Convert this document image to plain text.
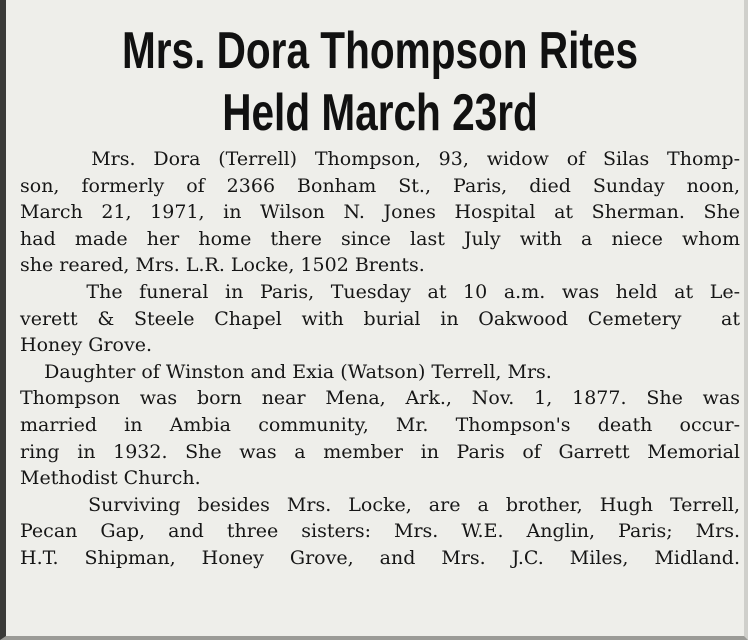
Mrs. Dora Thompson Rites
Held March 23rd
Mrs. Dora (Terrell) Thompson, 93, widow of Silas Thomp-
son, formerly of 2366 Bonham St., Paris, died Sunday noon,
March 21, 1971, in Wilson N. Jones Hospital at Sherman. She
had made her home there since last July with a niece whom
she reared, Mrs. L.R. Locke, 1502 Brents.
The funeral in Paris, Tuesday at 10 a.m. was held at Le-
verett & Steele Chapel with burial in Oakwood Cemetery  at
Honey Grove.
Daughter of Winston and Exia (Watson) Terrell, Mrs.
Thompson was born near Mena, Ark., Nov. 1, 1877. She was
married in Ambia community, Mr. Thompson's death occur-
ring in 1932. She was a member in Paris of Garrett Memorial
Methodist Church.
Surviving besides Mrs. Locke, are a brother, Hugh Terrell,
Pecan Gap, and three sisters: Mrs. W.E. Anglin, Paris; Mrs.
H.T. Shipman, Honey Grove, and Mrs. J.C. Miles, Midland.
